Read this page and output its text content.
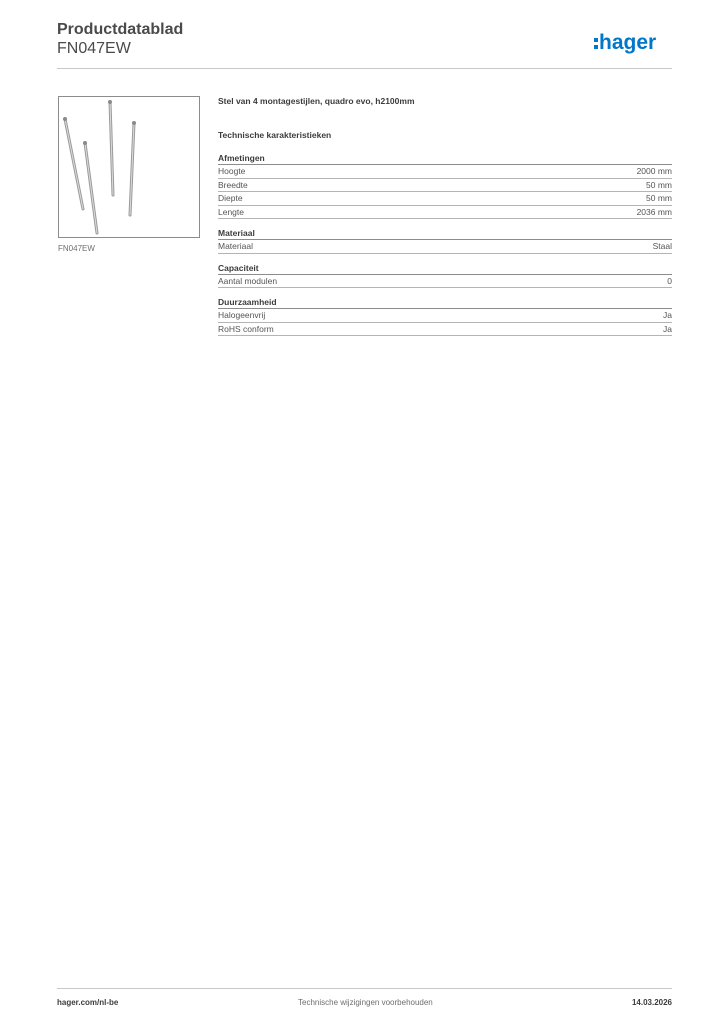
Productdatablad
FN047EW	hager
FN047EW
Stel van 4 montagestijlen, quadro evo, h2100mm
Technische karakteristieken
Afmetingen
Hoogte	2000 mm
Breedte	50 mm
Diepte	50 mm
Lengte	2036 mm
Materiaal
Materiaal	Staal
Capaciteit
Aantal modulen	0
Duurzaamheid
Halogeenvrij	Ja
RoHS conform	Ja
hager.com/nl-be	Technische wijzigingen voorbehouden	14.03.2026
